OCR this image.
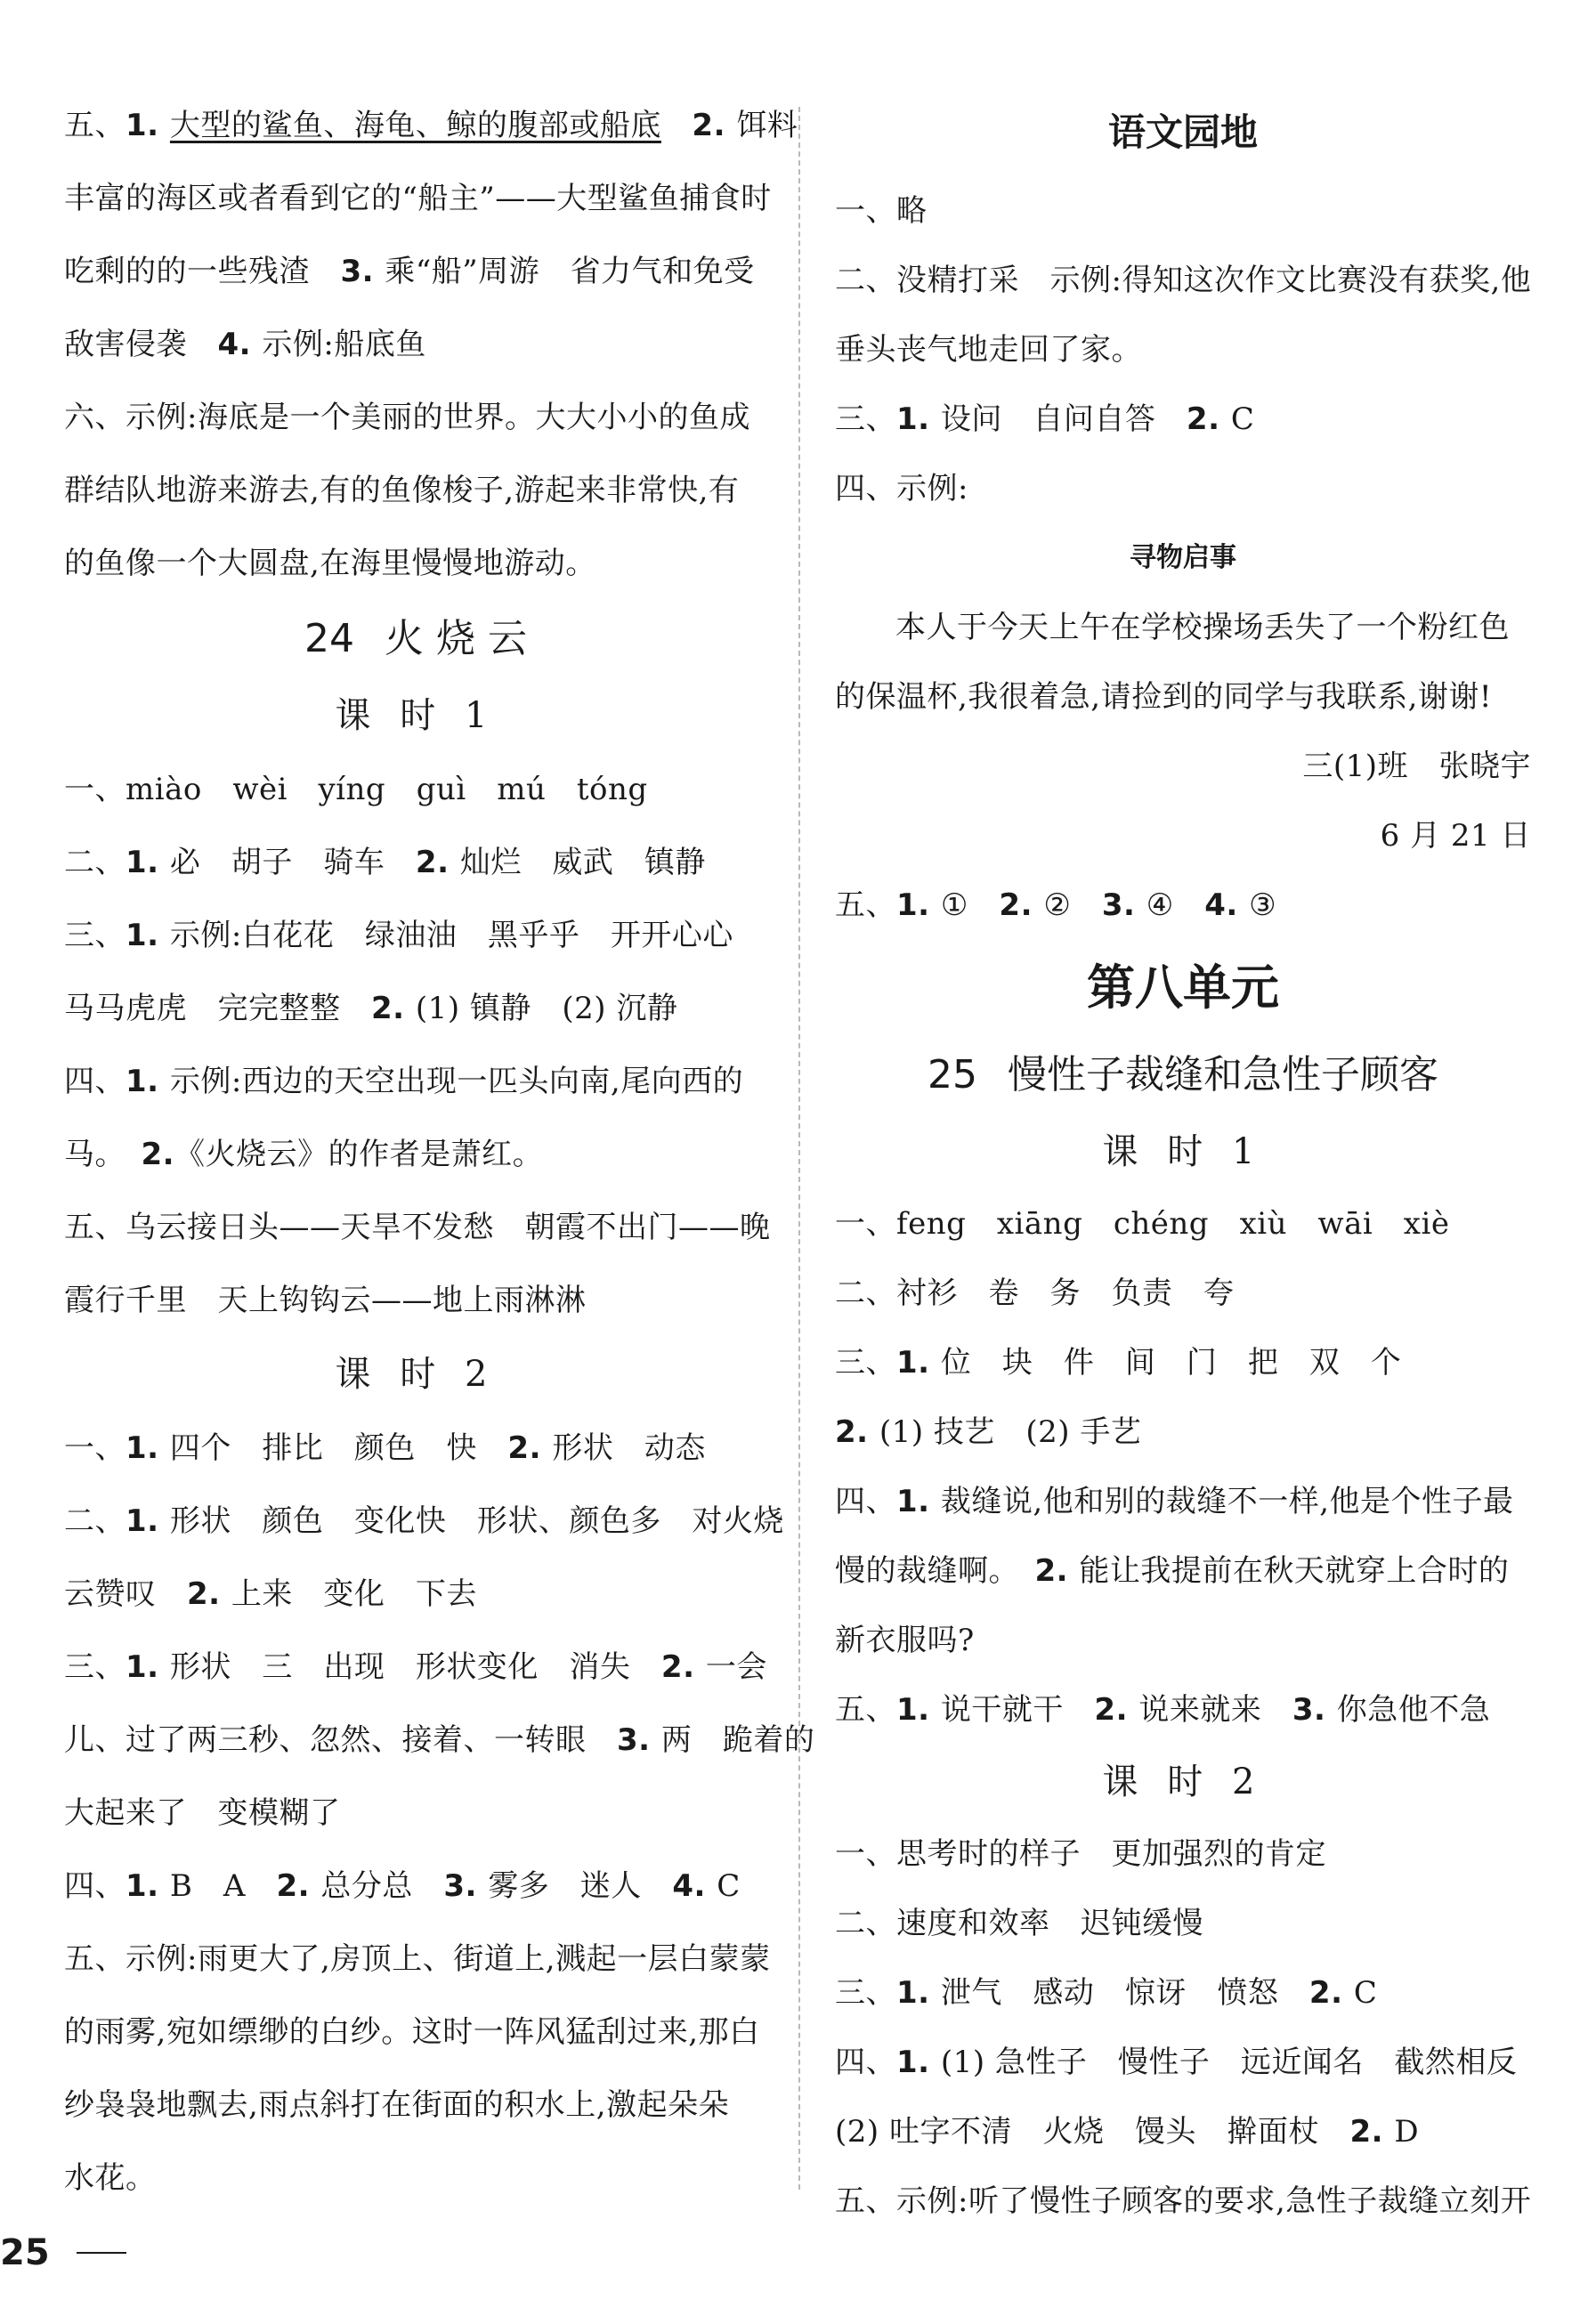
五、1. 大型的鲨鱼、海龟、鲸的腹部或船底　 2. 饵料

丰富的海区或者看到它的“船主”——大型鲨鱼捕食时

吃剩的的一些残渣　3. 乘“船”周游　省力气和免受

敌害侵袭　4. 示例:船底鱼

六、示例:海底是一个美丽的世界。大大小小的鱼成

群结队地游来游去,有的鱼像梭子,游起来非常快,有

的鱼像一个大圆盘,在海里慢慢地游动。

24 火 烧 云

课 时 1

一、miào　wèi　yíng　guì　mú　tóng

二、1. 必　胡子　骑车　2. 灿烂　威武　镇静

三、1. 示例:白花花　绿油油　黑乎乎　开开心心

马马虎虎　完完整整　2. (1) 镇静　(2) 沉静

四、1. 示例:西边的天空出现一匹头向南,尾向西的

马。　2.《火烧云》的作者是萧红。

五、乌云接日头——天旱不发愁　朝霞不出门——晚

霞行千里　天上钩钩云——地上雨淋淋

课 时 2

一、1. 四个　排比　颜色　快　2. 形状　动态

二、1. 形状　颜色　变化快　形状、颜色多　对火烧

云赞叹　2. 上来　变化　下去

三、1. 形状　三　出现　形状变化　消失　2. 一会

儿、过了两三秒、忽然、接着、一转眼　3. 两　跪着的

大起来了　变模糊了

四、1. B　A　2. 总分总　3. 雾多　迷人　4. C

五、示例:雨更大了,房顶上、街道上,溅起一层白蒙蒙

的雨雾,宛如缥缈的白纱。这时一阵风猛刮过来,那白

纱袅袅地飘去,雨点斜打在街面的积水上,激起朵朵

水花。

语文园地

一、略

二、没精打采　示例:得知这次作文比赛没有获奖,他

垂头丧气地走回了家。

三、1. 设问　自问自答　2. C

四、示例:

寻物启事

本人于今天上午在学校操场丢失了一个粉红色的保温杯,我很着急,请捡到的同学与我联系,谢谢!

三(1)班　张晓宇

6 月 21 日

五、1. ①　2. ②　3. ④　4. ③

第八单元

25 慢性子裁缝和急性子顾客

课 时 1

一、feng　xiāng　chéng　xiù　wāi　xiè

二、衬衫　卷　务　负责　夸

三、1. 位　块　件　间　门　把　双　个

2. (1) 技艺　(2) 手艺

四、1. 裁缝说,他和别的裁缝不一样,他是个性子最

慢的裁缝啊。　2. 能让我提前在秋天就穿上合时的

新衣服吗?

五、1. 说干就干　2. 说来就来　3. 你急他不急

课 时 2

一、思考时的样子　更加强烈的肯定

二、速度和效率　迟钝缓慢

三、1. 泄气　感动　惊讶　愤怒　2. C

四、1. (1) 急性子　慢性子　远近闻名　截然相反

(2) 吐字不清　火烧　馒头　擀面杖　2. D

五、示例:听了慢性子顾客的要求,急性子裁缝立刻开

25
